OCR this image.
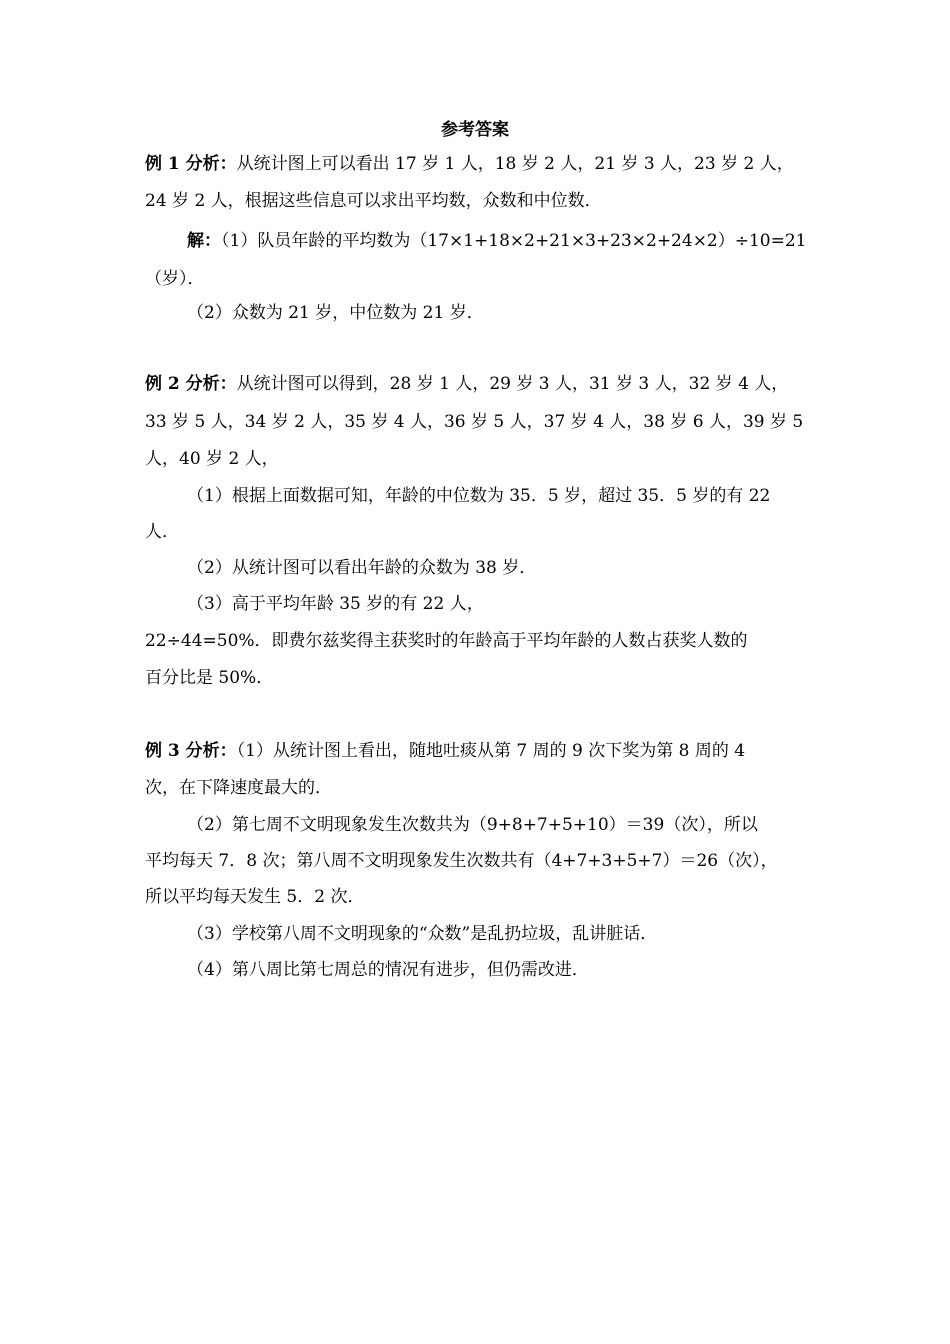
参考答案
例 1 分析：从统计图上可以看出 17 岁 1 人，18 岁 2 人，21 岁 3 人，23 岁 2 人，
24 岁 2 人，根据这些信息可以求出平均数，众数和中位数．
解：（1）队员年龄的平均数为（17×1+18×2+21×3+23×2+24×2）÷10=21
（岁）．
（2）众数为 21 岁，中位数为 21 岁．
例 2 分析：从统计图可以得到，28 岁 1 人，29 岁 3 人，31 岁 3 人，32 岁 4 人，
33 岁 5 人，34 岁 2 人，35 岁 4 人，36 岁 5 人，37 岁 4 人，38 岁 6 人，39 岁 5
人，40 岁 2 人，
（1）根据上面数据可知，年龄的中位数为 35．5 岁，超过 35．5 岁的有 22
人．
（2）从统计图可以看出年龄的众数为 38 岁．
（3）高于平均年龄 35 岁的有 22 人，
22÷44=50%．即费尔兹奖得主获奖时的年龄高于平均年龄的人数占获奖人数的
百分比是 50%．
例 3 分析：（1）从统计图上看出，随地吐痰从第 7 周的 9 次下奖为第 8 周的 4
次，在下降速度最大的．
（2）第七周不文明现象发生次数共为（9+8+7+5+10）＝39（次），所以
平均每天 7．8 次；第八周不文明现象发生次数共有（4+7+3+5+7）＝26（次），
所以平均每天发生 5．2 次．
（3）学校第八周不文明现象的“众数”是乱扔垃圾，乱讲脏话．
（4）第八周比第七周总的情况有进步，但仍需改进．
